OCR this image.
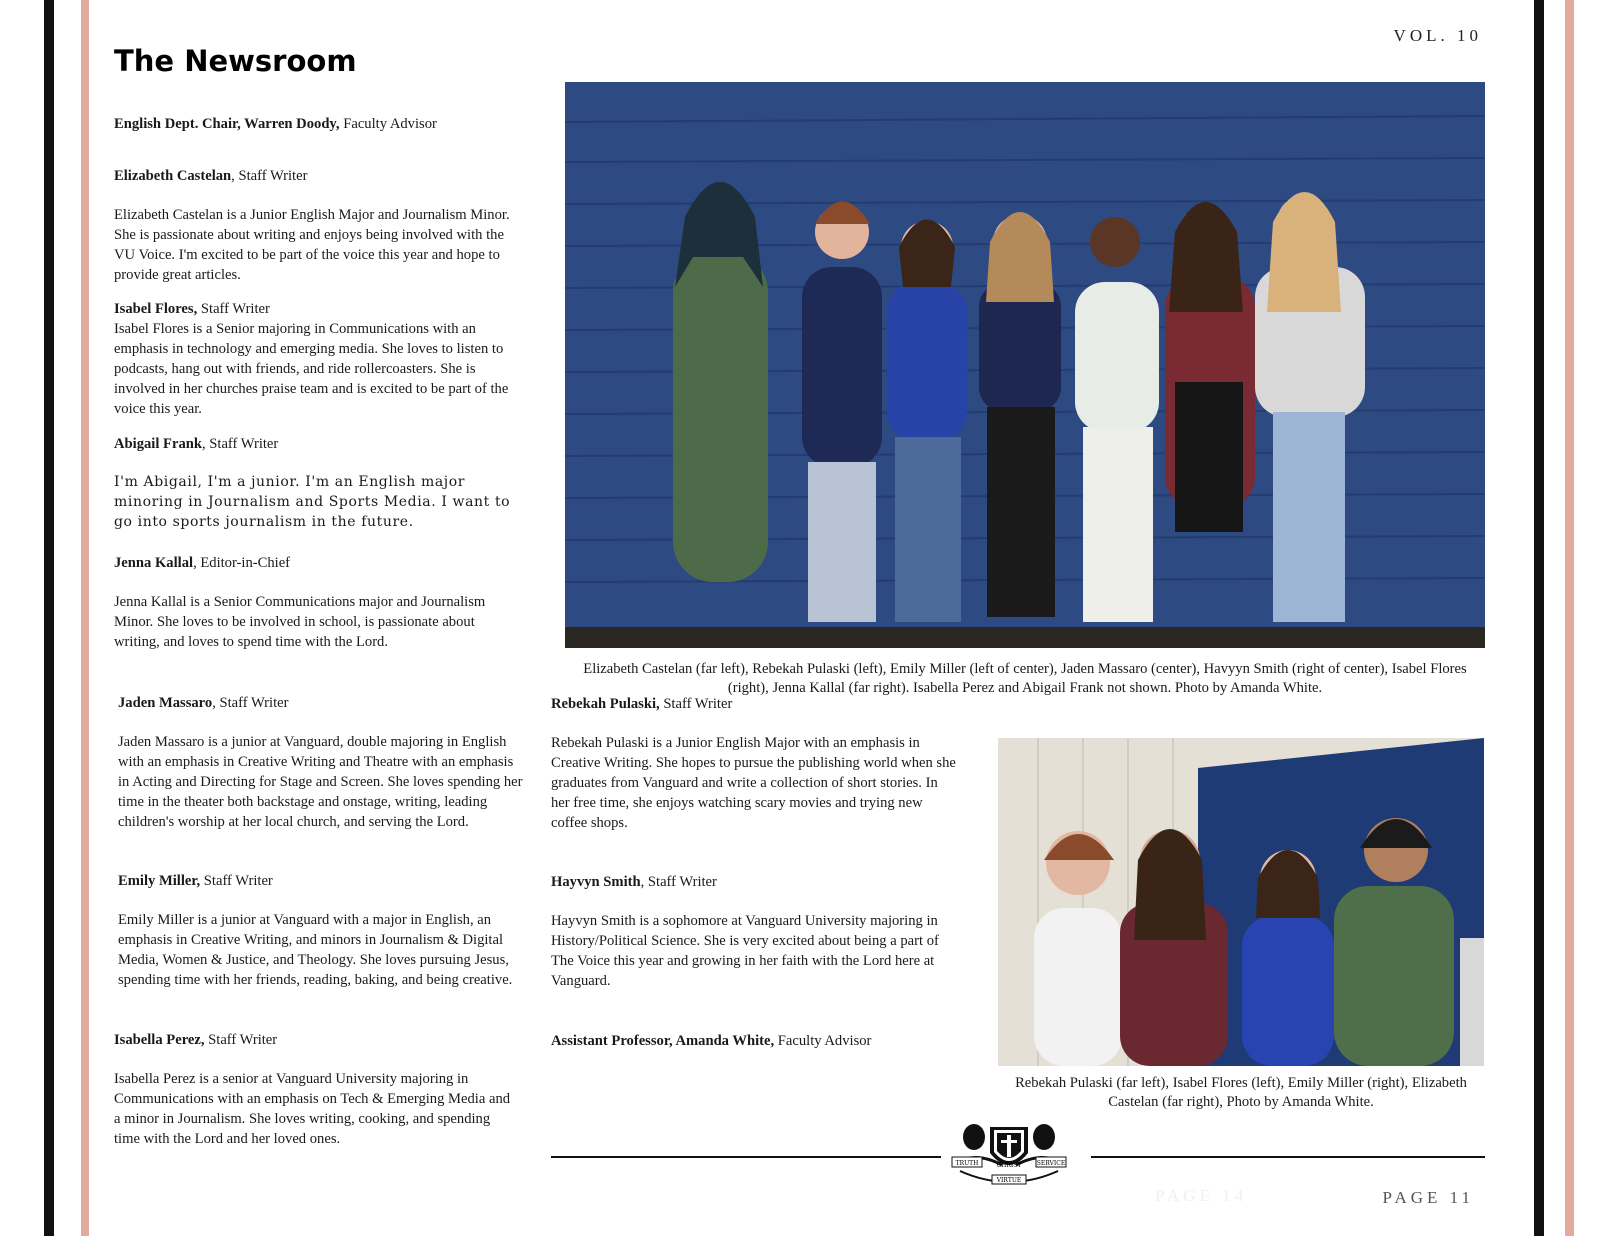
VOL. 10
The Newsroom

English Dept. Chair, Warren Doody, Faculty Advisor

Elizabeth Castelan, Staff Writer

Elizabeth Castelan is a Junior English Major and Journalism Minor. She is passionate about writing and enjoys being involved with the VU Voice. I'm excited to be part of the voice this year and hope to provide great articles.

Isabel Flores, Staff Writer

Isabel Flores is a Senior majoring in Communications with an emphasis in technology and emerging media. She loves to listen to podcasts, hang out with friends, and ride rollercoasters. She is involved in her churches praise team and is excited to be part of the voice this year.

Abigail Frank, Staff Writer

I'm Abigail, I'm a junior. I'm an English major minoring in Journalism and Sports Media. I want to go into sports journalism in the future.

Jenna Kallal, Editor-in-Chief

Jenna Kallal is a Senior Communications major and Journalism Minor. She loves to be involved in school, is passionate about writing, and loves to spend time with the Lord.

Jaden Massaro, Staff Writer

Jaden Massaro is a junior at Vanguard, double majoring in English with an emphasis in Creative Writing and Theatre with an emphasis in Acting and Directing for Stage and Screen. She loves spending her time in the theater both backstage and onstage, writing, leading children's worship at her local church, and serving the Lord.

Emily Miller, Staff Writer

Emily Miller is a junior at Vanguard with a major in English, an emphasis in Creative Writing, and minors in Journalism & Digital Media, Women & Justice, and Theology. She loves pursuing Jesus, spending time with her friends, reading, baking, and being creative.

Isabella Perez, Staff Writer

Isabella Perez is a senior at Vanguard University majoring in Communications with an emphasis on Tech & Emerging Media and a minor in Journalism. She loves writing, cooking, and spending time with the Lord and her loved ones.

Elizabeth Castelan (far left), Rebekah Pulaski (left), Emily Miller (left of center), Jaden Massaro (center), Havyyn Smith (right of center), Isabel Flores (right), Jenna Kallal (far right). Isabella Perez and Abigail Frank not shown. Photo by Amanda White.

Rebekah Pulaski, Staff Writer

Rebekah Pulaski is a Junior English Major with an emphasis in Creative Writing. She hopes to pursue the publishing world when she graduates from Vanguard and write a collection of short stories. In her free time, she enjoys watching scary movies and trying new coffee shops.

Hayvyn Smith, Staff Writer

Hayvyn Smith is a sophomore at Vanguard University majoring in History/Political Science. She is very excited about being a part of The Voice this year and growing in her faith with the Lord here at Vanguard.

Assistant Professor, Amanda White, Faculty Advisor

Rebekah Pulaski (far left), Isabel Flores (left), Emily Miller (right), Elizabeth Castelan (far right), Photo by Amanda White.

TRUTH	CHRIST	SERVICE
VIRTUE
PAGE 14	PAGE 11
